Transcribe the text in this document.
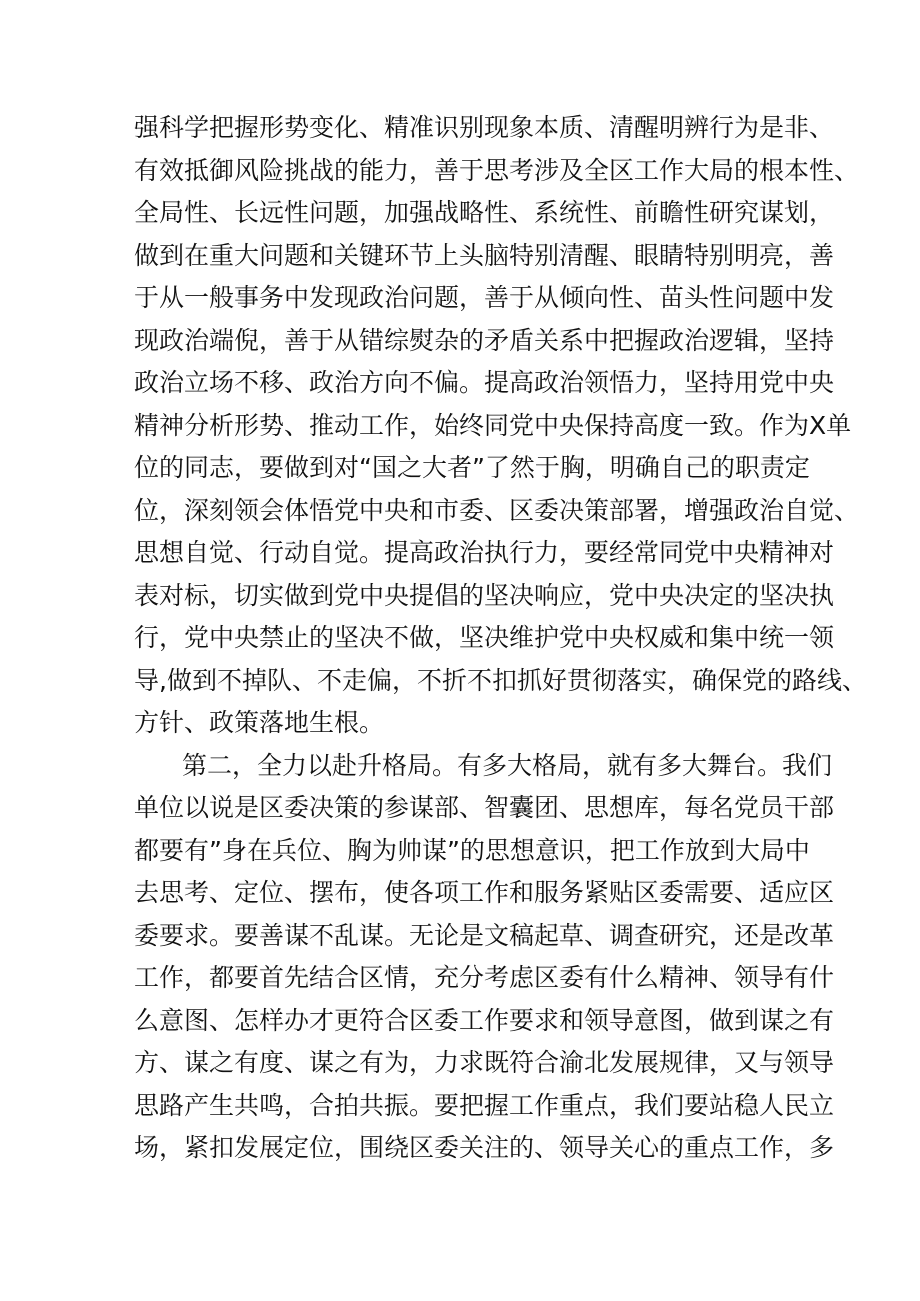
强科学把握形势变化、精准识别现象本质、清醒明辨行为是非、
有效抵御风险挑战的能力，善于思考涉及全区工作大局的根本性、
全局性、长远性问题，加强战略性、系统性、前瞻性研究谋划，
做到在重大问题和关键环节上头脑特别清醒、眼睛特别明亮，善
于从一般事务中发现政治问题，善于从倾向性、苗头性问题中发
现政治端倪，善于从错综熨杂的矛盾关系中把握政治逻辑，坚持
政治立场不移、政治方向不偏。提高政治领悟力，坚持用党中央
精神分析形势、推动工作，始终同党中央保持高度一致。作为X单
位的同志，要做到对“国之大者”了然于胸，明确自己的职责定
位，深刻领会体悟党中央和市委、区委决策部署，增强政治自觉、
思想自觉、行动自觉。提高政治执行力，要经常同党中央精神对
表对标，切实做到党中央提倡的坚决响应，党中央决定的坚决执
行，党中央禁止的坚决不做，坚决维护党中央权威和集中统一领
导,做到不掉队、不走偏，不折不扣抓好贯彻落实，确保党的路线、
方针、政策落地生根。
第二，全力以赴升格局。有多大格局，就有多大舞台。我们
单位以说是区委决策的参谋部、智囊团、思想库，每名党员干部
都要有”身在兵位、胸为帅谋”的思想意识，把工作放到大局中
去思考、定位、摆布，使各项工作和服务紧贴区委需要、适应区
委要求。要善谋不乱谋。无论是文稿起草、调查研究，还是改革
工作，都要首先结合区情，充分考虑区委有什么精神、领导有什
么意图、怎样办才更符合区委工作要求和领导意图，做到谋之有
方、谋之有度、谋之有为，力求既符合渝北发展规律，又与领导
思路产生共鸣，合拍共振。要把握工作重点，我们要站稳人民立
场，紧扣发展定位，围绕区委关注的、领导关心的重点工作，多
